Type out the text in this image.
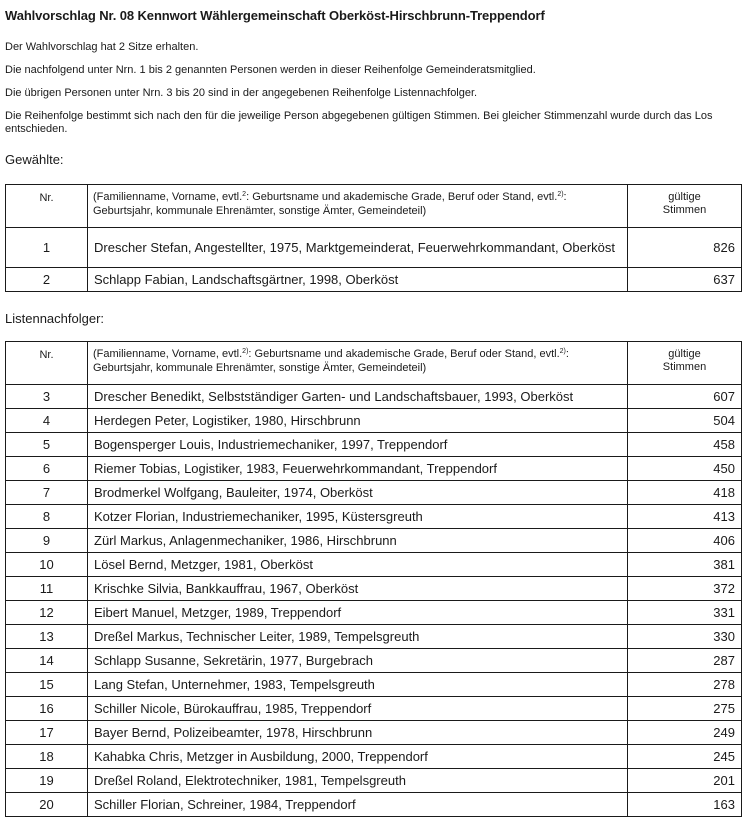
Wahlvorschlag Nr. 08 Kennwort Wählergemeinschaft Oberköst-Hirschbrunn-Treppendorf
Der Wahlvorschlag hat 2 Sitze erhalten.
Die nachfolgend unter Nrn. 1 bis 2 genannten Personen werden in dieser Reihenfolge Gemeinderatsmitglied.
Die übrigen Personen unter Nrn. 3 bis 20 sind in der angegebenen Reihenfolge Listennachfolger.
Die Reihenfolge bestimmt sich nach den für die jeweilige Person abgegebenen gültigen Stimmen. Bei gleicher Stimmenzahl wurde durch das Los entschieden.
Gewählte:
Nr.	(Familienname, Vorname, evtl.$^2$: Geburtsname und akademische Grade, Beruf oder Stand, evtl.$^{2)}$: Geburtsjahr, kommunale Ehrenämter, sonstige Ämter, Gemeindeteil)	gültige
Stimmen
1	Drescher Stefan, Angestellter, 1975, Marktgemeinderat, Feuerwehrkommandant, Oberköst	826
2	Schlapp Fabian, Landschaftsgärtner, 1998, Oberköst	637
Listennachfolger:
Nr.	(Familienname, Vorname, evtl.$^{2)}$: Geburtsname und akademische Grade, Beruf oder Stand, evtl.$^{2)}$: Geburtsjahr, kommunale Ehrenämter, sonstige Ämter, Gemeindeteil)	gültige
Stimmen
3	Drescher Benedikt, Selbstständiger Garten- und Landschaftsbauer, 1993, Oberköst	607
4	Herdegen Peter, Logistiker, 1980, Hirschbrunn	504
5	Bogensperger Louis, Industriemechaniker, 1997, Treppendorf	458
6	Riemer Tobias, Logistiker, 1983, Feuerwehrkommandant, Treppendorf	450
7	Brodmerkel Wolfgang, Bauleiter, 1974, Oberköst	418
8	Kotzer Florian, Industriemechaniker, 1995, Küstersgreuth	413
9	Zürl Markus, Anlagenmechaniker, 1986, Hirschbrunn	406
10	Lösel Bernd, Metzger, 1981, Oberköst	381
11	Krischke Silvia, Bankkauffrau, 1967, Oberköst	372
12	Eibert Manuel, Metzger, 1989, Treppendorf	331
13	Dreßel Markus, Technischer Leiter, 1989, Tempelsgreuth	330
14	Schlapp Susanne, Sekretärin, 1977, Burgebrach	287
15	Lang Stefan, Unternehmer, 1983, Tempelsgreuth	278
16	Schiller Nicole, Bürokauffrau, 1985, Treppendorf	275
17	Bayer Bernd, Polizeibeamter, 1978, Hirschbrunn	249
18	Kahabka Chris, Metzger in Ausbildung, 2000, Treppendorf	245
19	Dreßel Roland, Elektrotechniker, 1981, Tempelsgreuth	201
20	Schiller Florian, Schreiner, 1984, Treppendorf	163
